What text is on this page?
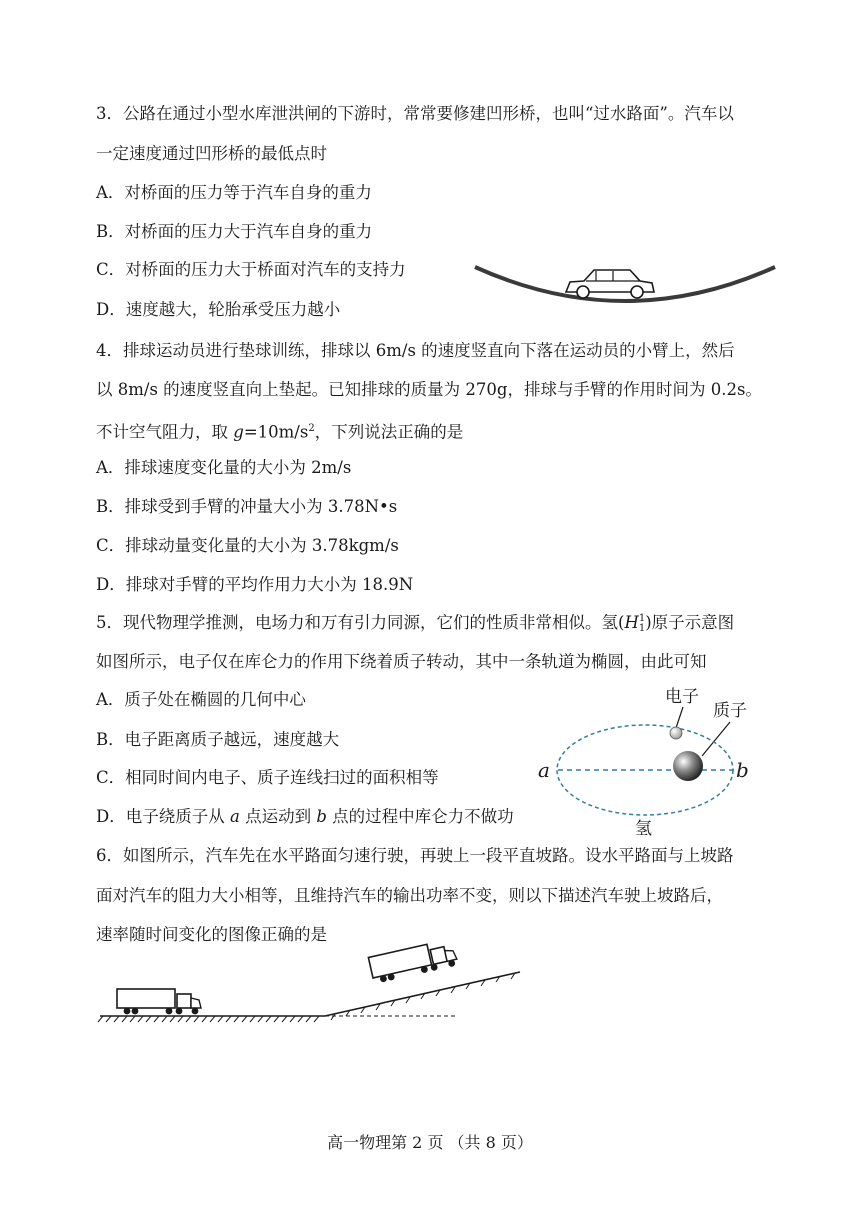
3．公路在通过小型水库泄洪闸的下游时，常常要修建凹形桥，也叫“过水路面”。汽车以
一定速度通过凹形桥的最低点时
A．对桥面的压力等于汽车自身的重力
B．对桥面的压力大于汽车自身的重力
C．对桥面的压力大于桥面对汽车的支持力
D．速度越大，轮胎承受压力越小
4．排球运动员进行垫球训练，排球以 6m/s 的速度竖直向下落在运动员的小臂上，然后
以 8m/s 的速度竖直向上垫起。已知排球的质量为 270g，排球与手臂的作用时间为 0.2s。
不计空气阻力，取 $g=10m/s^2$，下列说法正确的是
A．排球速度变化量的大小为 2m/s
B．排球受到手臂的冲量大小为 3.78N•s
C．排球动量变化量的大小为 3.78kgm/s
D．排球对手臂的平均作用力大小为 18.9N
5．现代物理学推测，电场力和万有引力同源，它们的性质非常相似。氢(H 1
1 )原子示意图
如图所示，电子仅在库仑力的作用下绕着质子转动，其中一条轨道为椭圆，由此可知
A．质子处在椭圆的几何中心
B．电子距离质子越远，速度越大
C．相同时间内电子、质子连线扫过的面积相等
D．电子绕质子从 a 点运动到 b 点的过程中库仑力不做功
电子
质子
a	b
氢
6．如图所示，汽车先在水平路面匀速行驶，再驶上一段平直坡路。设水平路面与上坡路
面对汽车的阻力大小相等，且维持汽车的输出功率不变，则以下描述汽车驶上坡路后，
速率随时间变化的图像正确的是
高一物理第 2 页 （共 8 页）
